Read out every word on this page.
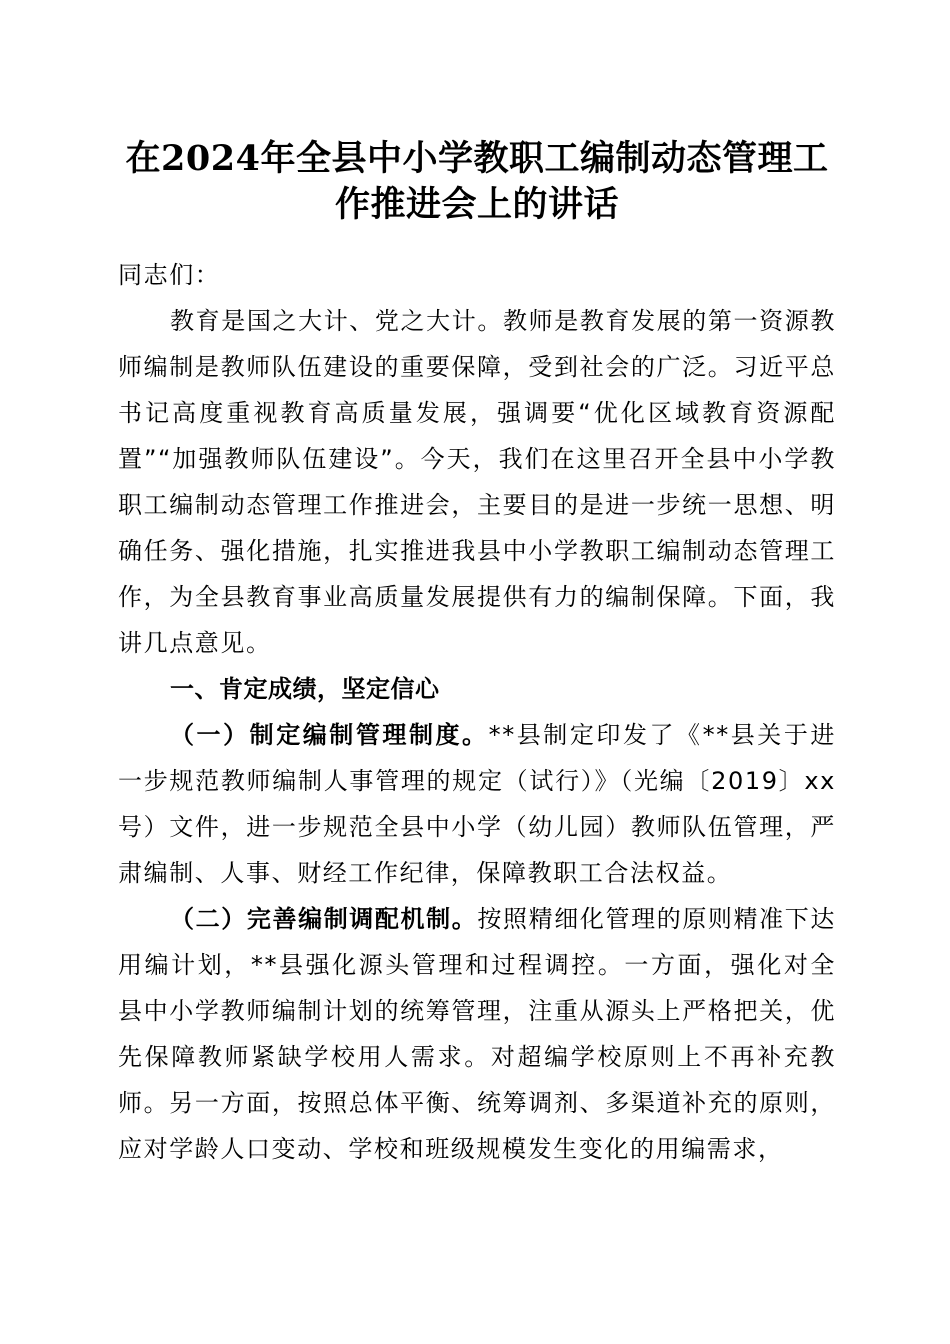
在2024年全县中小学教职工编制动态管理工作推进会上的讲话

同志们：

教育是国之大计、党之大计。教师是教育发展的第一资源教师编制是教师队伍建设的重要保障，受到社会的广泛。习近平总书记高度重视教育高质量发展，强调要“优化区域教育资源配置”“加强教师队伍建设”。今天，我们在这里召开全县中小学教职工编制动态管理工作推进会，主要目的是进一步统一思想、明确任务、强化措施，扎实推进我县中小学教职工编制动态管理工作，为全县教育事业高质量发展提供有力的编制保障。下面，我讲几点意见。

一、肯定成绩，坚定信心

（一）制定编制管理制度。**县制定印发了《**县关于进一步规范教师编制人事管理的规定（试行）》（光编〔2019〕xx号）文件，进一步规范全县中小学（幼儿园）教师队伍管理，严肃编制、人事、财经工作纪律，保障教职工合法权益。

（二）完善编制调配机制。按照精细化管理的原则精准下达用编计划，**县强化源头管理和过程调控。一方面，强化对全县中小学教师编制计划的统筹管理，注重从源头上严格把关，优先保障教师紧缺学校用人需求。对超编学校原则上不再补充教师。另一方面，按照总体平衡、统筹调剂、多渠道补充的原则，应对学龄人口变动、学校和班级规模发生变化的用编需求，
